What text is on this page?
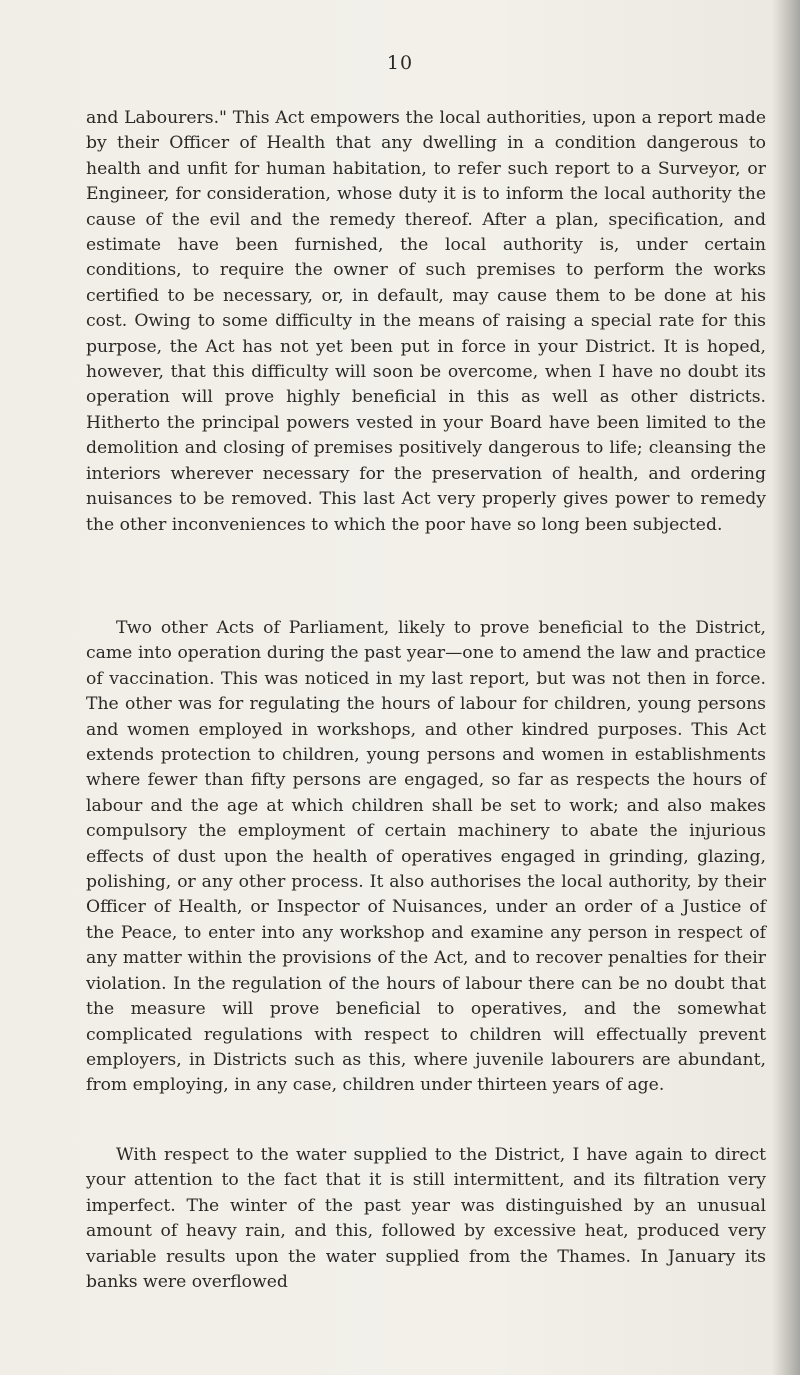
10

and Labourers." This Act empowers the local authorities, upon a report made by their Officer of Health that any dwelling in a condition dangerous to health and unfit for human habitation, to refer such report to a Surveyor, or Engineer, for consideration, whose duty it is to inform the local authority the cause of the evil and the remedy thereof. After a plan, specification, and estimate have been furnished, the local authority is, under certain conditions, to require the owner of such premises to perform the works certified to be necessary, or, in default, may cause them to be done at his cost. Owing to some difficulty in the means of raising a special rate for this purpose, the Act has not yet been put in force in your District. It is hoped, however, that this difficulty will soon be overcome, when I have no doubt its operation will prove highly beneficial in this as well as other districts. Hitherto the principal powers vested in your Board have been limited to the demolition and closing of premises positively dangerous to life; cleansing the interiors wherever necessary for the preservation of health, and ordering nuisances to be removed. This last Act very properly gives power to remedy the other inconveniences to which the poor have so long been subjected.

Two other Acts of Parliament, likely to prove beneficial to the District, came into operation during the past year—one to amend the law and practice of vaccination. This was noticed in my last report, but was not then in force. The other was for regulating the hours of labour for children, young persons and women employed in workshops, and other kindred purposes. This Act extends protection to children, young persons and women in establishments where fewer than fifty persons are engaged, so far as respects the hours of labour and the age at which children shall be set to work; and also makes compulsory the employment of certain machinery to abate the injurious effects of dust upon the health of operatives engaged in grinding, glazing, polishing, or any other process. It also authorises the local authority, by their Officer of Health, or Inspector of Nuisances, under an order of a Justice of the Peace, to enter into any workshop and examine any person in respect of any matter within the provisions of the Act, and to recover penalties for their violation. In the regulation of the hours of labour there can be no doubt that the measure will prove beneficial to operatives, and the somewhat complicated regulations with respect to children will effectually prevent employers, in Districts such as this, where juvenile labourers are abundant, from employing, in any case, children under thirteen years of age.

With respect to the water supplied to the District, I have again to direct your attention to the fact that it is still intermittent, and its filtration very imperfect. The winter of the past year was distinguished by an unusual amount of heavy rain, and this, followed by excessive heat, produced very variable results upon the water supplied from the Thames. In January its banks were overflowed
